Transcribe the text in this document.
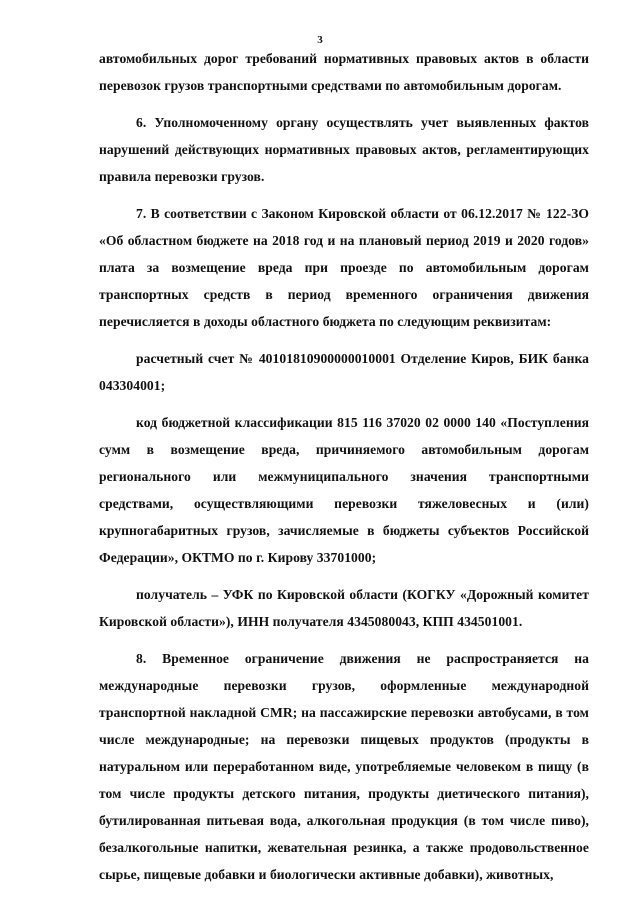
3

автомобильных дорог требований нормативных правовых актов в области перевозок грузов транспортными средствами по автомобильным дорогам.

6. Уполномоченному органу осуществлять учет выявленных фактов нарушений действующих нормативных правовых актов, регламентирующих правила перевозки грузов.

7. В соответствии с Законом Кировской области от 06.12.2017 № 122-ЗО «Об областном бюджете на 2018 год и на плановый период 2019 и 2020 годов» плата за возмещение вреда при проезде по автомобильным дорогам транспортных средств в период временного ограничения движения перечисляется в доходы областного бюджета по следующим реквизитам:

расчетный счет № 40101810900000010001 Отделение Киров, БИК банка 043304001;

код бюджетной классификации 815 116 37020 02 0000 140 «Поступления сумм в возмещение вреда, причиняемого автомобильным дорогам регионального или межмуниципального значения транспортными средствами, осуществляющими перевозки тяжеловесных и (или) крупногабаритных грузов, зачисляемые в бюджеты субъектов Российской Федерации», ОКТМО по г. Кирову 33701000;

получатель – УФК по Кировской области (КОГКУ «Дорожный комитет Кировской области»), ИНН получателя 4345080043, КПП 434501001.

8. Временное ограничение движения не распространяется на международные перевозки грузов, оформленные международной транспортной накладной CMR; на пассажирские перевозки автобусами, в том числе международные; на перевозки пищевых продуктов (продукты в натуральном или переработанном виде, употребляемые человеком в пищу (в том числе продукты детского питания, продукты диетического питания), бутилированная питьевая вода, алкогольная продукция (в том числе пиво), безалкогольные напитки, жевательная резинка, а также продовольственное сырье, пищевые добавки и биологически активные добавки), животных,
